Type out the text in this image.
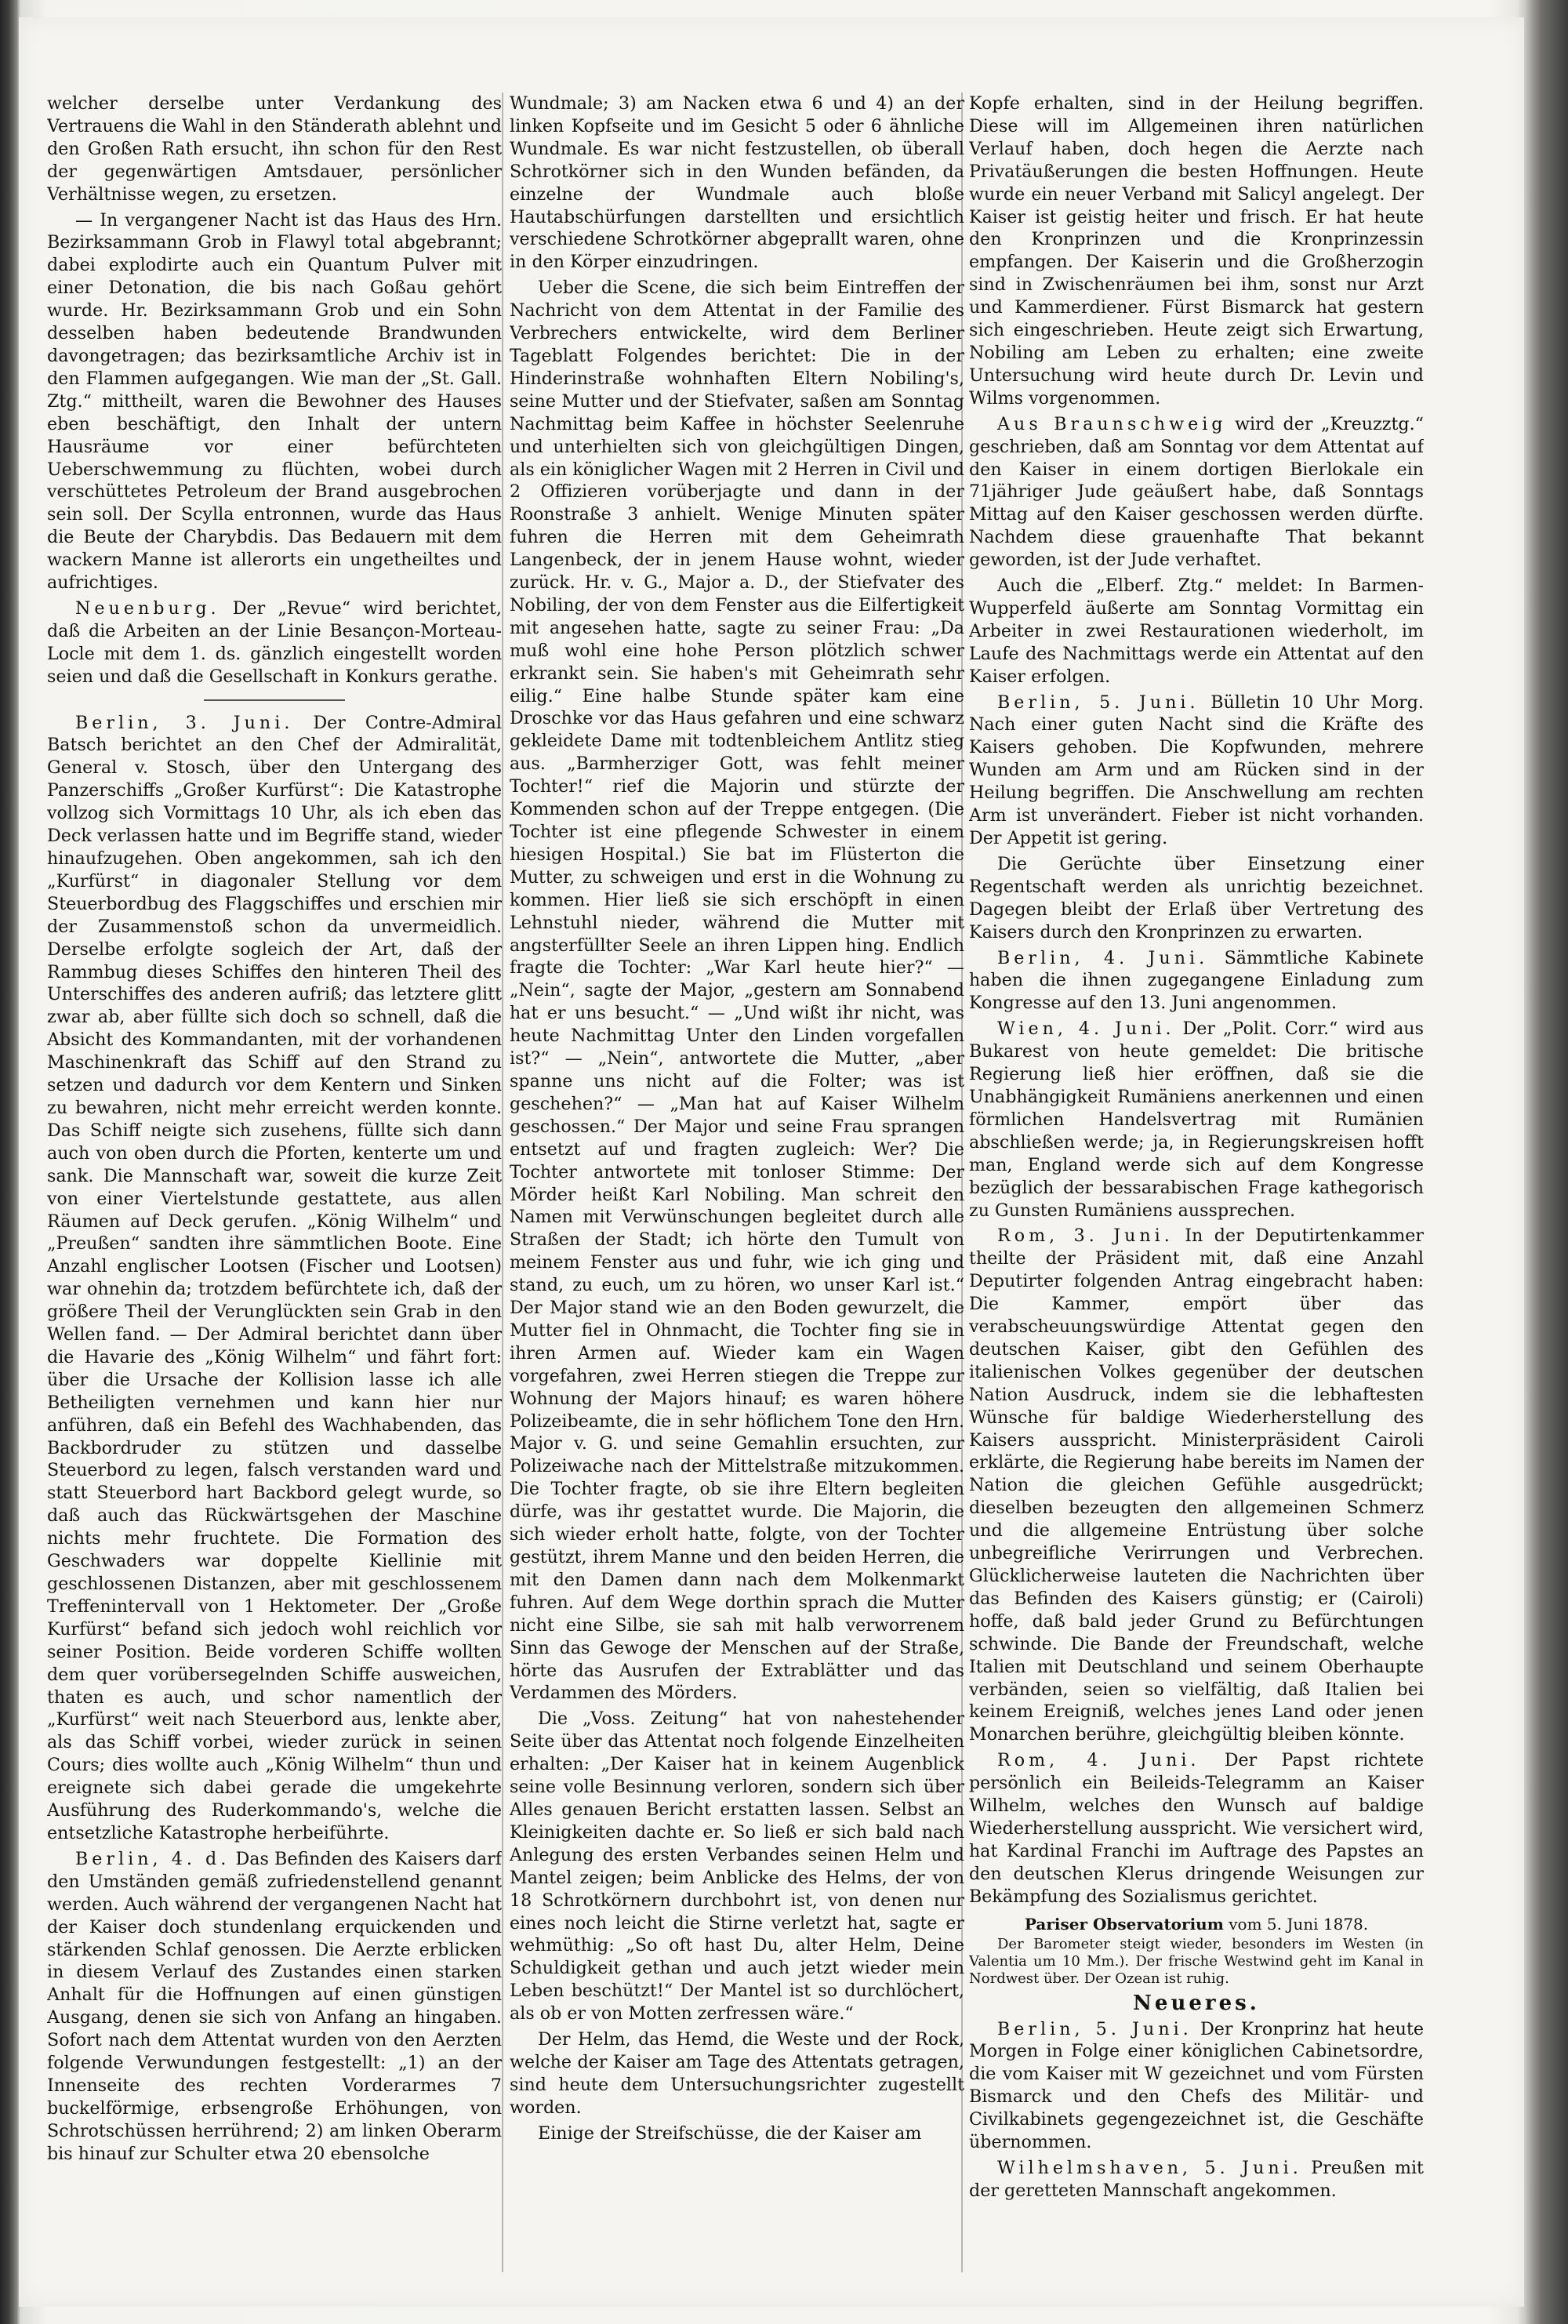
welcher derselbe unter Verdankung des Vertrauens die Wahl in den Ständerath ablehnt und den Großen Rath ersucht, ihn schon für den Rest der gegenwärtigen Amtsdauer, persönlicher Verhältnisse wegen, zu ersetzen.

— In vergangener Nacht ist das Haus des Hrn. Bezirksammann Grob in Flawyl total abgebrannt; dabei explodirte auch ein Quantum Pulver mit einer Detonation, die bis nach Goßau gehört wurde. Hr. Bezirksammann Grob und ein Sohn desselben haben bedeutende Brandwunden davongetragen; das bezirksamtliche Archiv ist in den Flammen aufgegangen. Wie man der „St. Gall. Ztg.“ mittheilt, waren die Bewohner des Hauses eben beschäftigt, den Inhalt der untern Hausräume vor einer befürchteten Ueberschwemmung zu flüchten, wobei durch verschüttetes Petroleum der Brand ausgebrochen sein soll. Der Scylla entronnen, wurde das Haus die Beute der Charybdis. Das Bedauern mit dem wackern Manne ist allerorts ein ungetheiltes und aufrichtiges.

Neuenburg. Der „Revue“ wird berichtet, daß die Arbeiten an der Linie Besançon-Morteau-Locle mit dem 1. ds. gänzlich eingestellt worden seien und daß die Gesellschaft in Konkurs gerathe.

Berlin, 3. Juni. Der Contre-Admiral Batsch berichtet an den Chef der Admiralität, General v. Stosch, über den Untergang des Panzerschiffs „Großer Kurfürst“: Die Katastrophe vollzog sich Vormittags 10 Uhr, als ich eben das Deck verlassen hatte und im Begriffe stand, wieder hinaufzugehen. Oben angekommen, sah ich den „Kurfürst“ in diagonaler Stellung vor dem Steuerbordbug des Flaggschiffes und erschien mir der Zusammenstoß schon da unvermeidlich. Derselbe erfolgte sogleich der Art, daß der Rammbug dieses Schiffes den hinteren Theil des Unterschiffes des anderen aufriß; das letztere glitt zwar ab, aber füllte sich doch so schnell, daß die Absicht des Kommandanten, mit der vorhandenen Maschinenkraft das Schiff auf den Strand zu setzen und dadurch vor dem Kentern und Sinken zu bewahren, nicht mehr erreicht werden konnte. Das Schiff neigte sich zusehens, füllte sich dann auch von oben durch die Pforten, kenterte um und sank. Die Mannschaft war, soweit die kurze Zeit von einer Viertelstunde gestattete, aus allen Räumen auf Deck gerufen. „König Wilhelm“ und „Preußen“ sandten ihre sämmtlichen Boote. Eine Anzahl englischer Lootsen (Fischer und Lootsen) war ohnehin da; trotzdem befürchtete ich, daß der größere Theil der Verunglückten sein Grab in den Wellen fand. — Der Admiral berichtet dann über die Havarie des „König Wilhelm“ und fährt fort: über die Ursache der Kollision lasse ich alle Betheiligten vernehmen und kann hier nur anführen, daß ein Befehl des Wachhabenden, das Backbordruder zu stützen und dasselbe Steuerbord zu legen, falsch verstanden ward und statt Steuerbord hart Backbord gelegt wurde, so daß auch das Rückwärtsgehen der Maschine nichts mehr fruchtete. Die Formation des Geschwaders war doppelte Kiellinie mit geschlossenen Distanzen, aber mit geschlossenem Treffenintervall von 1 Hektometer. Der „Große Kurfürst“ befand sich jedoch wohl reichlich vor seiner Position. Beide vorderen Schiffe wollten dem quer vorübersegelnden Schiffe ausweichen, thaten es auch, und schor namentlich der „Kurfürst“ weit nach Steuerbord aus, lenkte aber, als das Schiff vorbei, wieder zurück in seinen Cours; dies wollte auch „König Wilhelm“ thun und ereignete sich dabei gerade die umgekehrte Ausführung des Ruderkommando's, welche die entsetzliche Katastrophe herbeiführte.

Berlin, 4. d. Das Befinden des Kaisers darf den Umständen gemäß zufriedenstellend genannt werden. Auch während der vergangenen Nacht hat der Kaiser doch stundenlang erquickenden und stärkenden Schlaf genossen. Die Aerzte erblicken in diesem Verlauf des Zustandes einen starken Anhalt für die Hoffnungen auf einen günstigen Ausgang, denen sie sich von Anfang an hingaben. Sofort nach dem Attentat wurden von den Aerzten folgende Verwundungen festgestellt: „1) an der Innenseite des rechten Vorderarmes 7 buckelförmige, erbsengroße Erhöhungen, von Schrotschüssen herrührend; 2) am linken Oberarm bis hinauf zur Schulter etwa 20 ebensolche

Wundmale; 3) am Nacken etwa 6 und 4) an der linken Kopfseite und im Gesicht 5 oder 6 ähnliche Wundmale. Es war nicht festzustellen, ob überall Schrotkörner sich in den Wunden befänden, da einzelne der Wundmale auch bloße Hautabschürfungen darstellten und ersichtlich verschiedene Schrotkörner abgeprallt waren, ohne in den Körper einzudringen.

Ueber die Scene, die sich beim Eintreffen der Nachricht von dem Attentat in der Familie des Verbrechers entwickelte, wird dem Berliner Tageblatt Folgendes berichtet: Die in der Hinderinstraße wohnhaften Eltern Nobiling's, seine Mutter und der Stiefvater, saßen am Sonntag Nachmittag beim Kaffee in höchster Seelenruhe und unterhielten sich von gleichgültigen Dingen, als ein königlicher Wagen mit 2 Herren in Civil und 2 Offizieren vorüberjagte und dann in der Roonstraße 3 anhielt. Wenige Minuten später fuhren die Herren mit dem Geheimrath Langenbeck, der in jenem Hause wohnt, wieder zurück. Hr. v. G., Major a. D., der Stiefvater des Nobiling, der von dem Fenster aus die Eilfertigkeit mit angesehen hatte, sagte zu seiner Frau: „Da muß wohl eine hohe Person plötzlich schwer erkrankt sein. Sie haben's mit Geheimrath sehr eilig.“ Eine halbe Stunde später kam eine Droschke vor das Haus gefahren und eine schwarz gekleidete Dame mit todtenbleichem Antlitz stieg aus. „Barmherziger Gott, was fehlt meiner Tochter!“ rief die Majorin und stürzte der Kommenden schon auf der Treppe entgegen. (Die Tochter ist eine pflegende Schwester in einem hiesigen Hospital.) Sie bat im Flüsterton die Mutter, zu schweigen und erst in die Wohnung zu kommen. Hier ließ sie sich erschöpft in einen Lehnstuhl nieder, während die Mutter mit angsterfüllter Seele an ihren Lippen hing. Endlich fragte die Tochter: „War Karl heute hier?“ — „Nein“, sagte der Major, „gestern am Sonnabend hat er uns besucht.“ — „Und wißt ihr nicht, was heute Nachmittag Unter den Linden vorgefallen ist?“ — „Nein“, antwortete die Mutter, „aber spanne uns nicht auf die Folter; was ist geschehen?“ — „Man hat auf Kaiser Wilhelm geschossen.“ Der Major und seine Frau sprangen entsetzt auf und fragten zugleich: Wer? Die Tochter antwortete mit tonloser Stimme: Der Mörder heißt Karl Nobiling. Man schreit den Namen mit Verwünschungen begleitet durch alle Straßen der Stadt; ich hörte den Tumult von meinem Fenster aus und fuhr, wie ich ging und stand, zu euch, um zu hören, wo unser Karl ist.“ Der Major stand wie an den Boden gewurzelt, die Mutter fiel in Ohnmacht, die Tochter fing sie in ihren Armen auf. Wieder kam ein Wagen vorgefahren, zwei Herren stiegen die Treppe zur Wohnung der Majors hinauf; es waren höhere Polizeibeamte, die in sehr höflichem Tone den Hrn. Major v. G. und seine Gemahlin ersuchten, zur Polizeiwache nach der Mittelstraße mitzukommen. Die Tochter fragte, ob sie ihre Eltern begleiten dürfe, was ihr gestattet wurde. Die Majorin, die sich wieder erholt hatte, folgte, von der Tochter gestützt, ihrem Manne und den beiden Herren, die mit den Damen dann nach dem Molkenmarkt fuhren. Auf dem Wege dorthin sprach die Mutter nicht eine Silbe, sie sah mit halb verworrenem Sinn das Gewoge der Menschen auf der Straße, hörte das Ausrufen der Extrablätter und das Verdammen des Mörders.

Die „Voss. Zeitung“ hat von nahestehender Seite über das Attentat noch folgende Einzelheiten erhalten: „Der Kaiser hat in keinem Augenblick seine volle Besinnung verloren, sondern sich über Alles genauen Bericht erstatten lassen. Selbst an Kleinigkeiten dachte er. So ließ er sich bald nach Anlegung des ersten Verbandes seinen Helm und Mantel zeigen; beim Anblicke des Helms, der von 18 Schrotkörnern durchbohrt ist, von denen nur eines noch leicht die Stirne verletzt hat, sagte er wehmüthig: „So oft hast Du, alter Helm, Deine Schuldigkeit gethan und auch jetzt wieder mein Leben beschützt!“ Der Mantel ist so durchlöchert, als ob er von Motten zerfressen wäre.“

Der Helm, das Hemd, die Weste und der Rock, welche der Kaiser am Tage des Attentats getragen, sind heute dem Untersuchungsrichter zugestellt worden.

Einige der Streifschüsse, die der Kaiser am

Kopfe erhalten, sind in der Heilung begriffen. Diese will im Allgemeinen ihren natürlichen Verlauf haben, doch hegen die Aerzte nach Privatäußerungen die besten Hoffnungen. Heute wurde ein neuer Verband mit Salicyl angelegt. Der Kaiser ist geistig heiter und frisch. Er hat heute den Kronprinzen und die Kronprinzessin empfangen. Der Kaiserin und die Großherzogin sind in Zwischenräumen bei ihm, sonst nur Arzt und Kammerdiener. Fürst Bismarck hat gestern sich eingeschrieben. Heute zeigt sich Erwartung, Nobiling am Leben zu erhalten; eine zweite Untersuchung wird heute durch Dr. Levin und Wilms vorgenommen.

Aus Braunschweig wird der „Kreuzztg.“ geschrieben, daß am Sonntag vor dem Attentat auf den Kaiser in einem dortigen Bierlokale ein 71jähriger Jude geäußert habe, daß Sonntags Mittag auf den Kaiser geschossen werden dürfte. Nachdem diese grauenhafte That bekannt geworden, ist der Jude verhaftet.

Auch die „Elberf. Ztg.“ meldet: In Barmen-Wupperfeld äußerte am Sonntag Vormittag ein Arbeiter in zwei Restaurationen wiederholt, im Laufe des Nachmittags werde ein Attentat auf den Kaiser erfolgen.

Berlin, 5. Juni. Bülletin 10 Uhr Morg. Nach einer guten Nacht sind die Kräfte des Kaisers gehoben. Die Kopfwunden, mehrere Wunden am Arm und am Rücken sind in der Heilung begriffen. Die Anschwellung am rechten Arm ist unverändert. Fieber ist nicht vorhanden. Der Appetit ist gering.

Die Gerüchte über Einsetzung einer Regentschaft werden als unrichtig bezeichnet. Dagegen bleibt der Erlaß über Vertretung des Kaisers durch den Kronprinzen zu erwarten.

Berlin, 4. Juni. Sämmtliche Kabinete haben die ihnen zugegangene Einladung zum Kongresse auf den 13. Juni angenommen.

Wien, 4. Juni. Der „Polit. Corr.“ wird aus Bukarest von heute gemeldet: Die britische Regierung ließ hier eröffnen, daß sie die Unabhängigkeit Rumäniens anerkennen und einen förmlichen Handelsvertrag mit Rumänien abschließen werde; ja, in Regierungskreisen hofft man, England werde sich auf dem Kongresse bezüglich der bessarabischen Frage kathegorisch zu Gunsten Rumäniens aussprechen.

Rom, 3. Juni. In der Deputirtenkammer theilte der Präsident mit, daß eine Anzahl Deputirter folgenden Antrag eingebracht haben: Die Kammer, empört über das verabscheuungswürdige Attentat gegen den deutschen Kaiser, gibt den Gefühlen des italienischen Volkes gegenüber der deutschen Nation Ausdruck, indem sie die lebhaftesten Wünsche für baldige Wiederherstellung des Kaisers ausspricht. Ministerpräsident Cairoli erklärte, die Regierung habe bereits im Namen der Nation die gleichen Gefühle ausgedrückt; dieselben bezeugten den allgemeinen Schmerz und die allgemeine Entrüstung über solche unbegreifliche Verirrungen und Verbrechen. Glücklicherweise lauteten die Nachrichten über das Befinden des Kaisers günstig; er (Cairoli) hoffe, daß bald jeder Grund zu Befürchtungen schwinde. Die Bande der Freundschaft, welche Italien mit Deutschland und seinem Oberhaupte verbänden, seien so vielfältig, daß Italien bei keinem Ereigniß, welches jenes Land oder jenen Monarchen berühre, gleichgültig bleiben könnte.

Rom, 4. Juni. Der Papst richtete persönlich ein Beileids-Telegramm an Kaiser Wilhelm, welches den Wunsch auf baldige Wiederherstellung ausspricht. Wie versichert wird, hat Kardinal Franchi im Auftrage des Papstes an den deutschen Klerus dringende Weisungen zur Bekämpfung des Sozialismus gerichtet.

Pariser Observatorium vom 5. Juni 1878.

Der Barometer steigt wieder, besonders im Westen (in Valentia um 10 Mm.). Der frische Westwind geht im Kanal in Nordwest über. Der Ozean ist ruhig.

Neueres.

Berlin, 5. Juni. Der Kronprinz hat heute Morgen in Folge einer königlichen Cabinetsordre, die vom Kaiser mit W gezeichnet und vom Fürsten Bismarck und den Chefs des Militär- und Civilkabinets gegengezeichnet ist, die Geschäfte übernommen.

Wilhelmshaven, 5. Juni. Preußen mit der geretteten Mannschaft angekommen.
